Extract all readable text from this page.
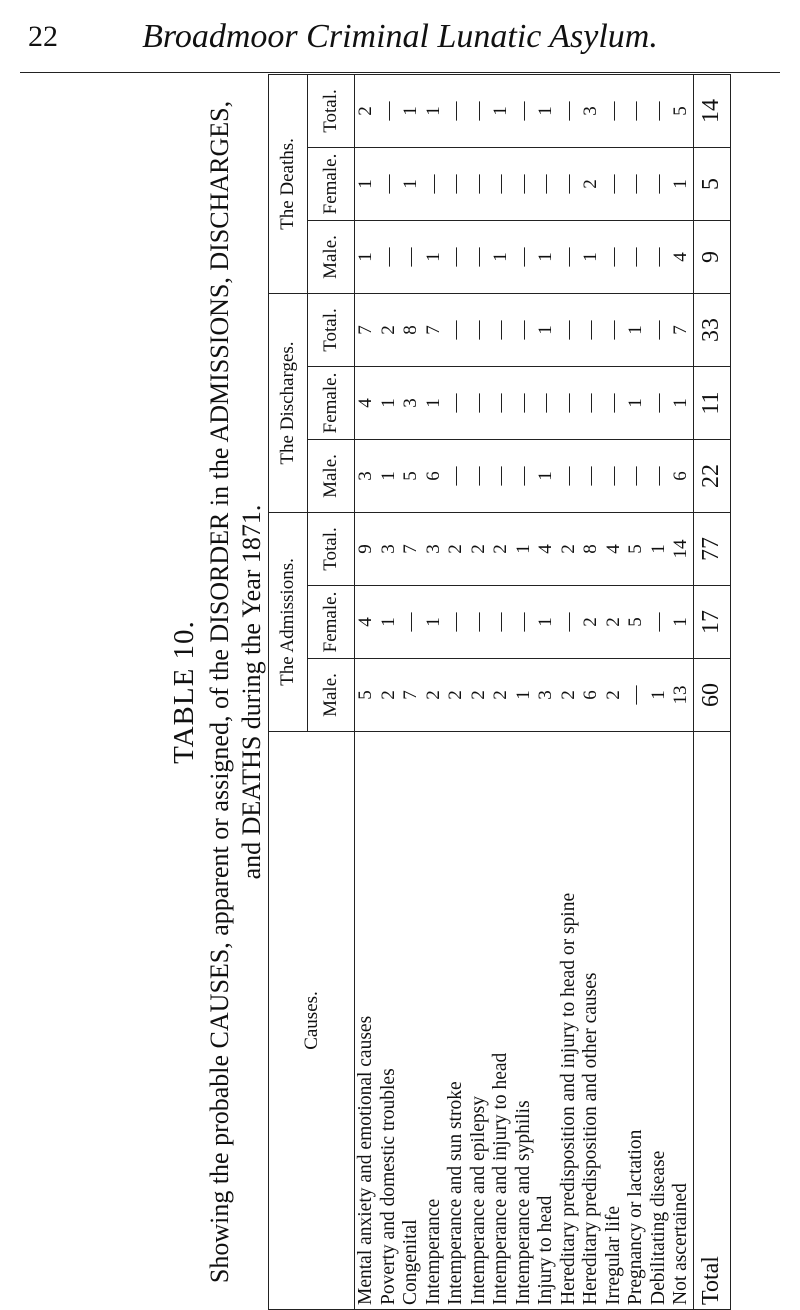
22	Broadmoor Criminal Lunatic Asylum.
TABLE 10. Showing the probable CAUSES, apparent or assigned, of the DISORDER in the ADMISSIONS, DISCHARGES, and DEATHS during the Year 1871.
Causes.	The Admissions.			The Discharges.			The Deaths.		
	Male.	Female.	Total.	Male.	Female.	Total.	Male.	Female.	Total.
Mental anxiety and emotional causes	5	4	9	3	4	7	1	1	2
Poverty and domestic troubles	2	1	3	1	1	2	—	—	—
Congenital	7	—	7	5	3	8	—	1	1
Intemperance	2	1	3	6	1	7	1	—	1
Intemperance and sun stroke	2	—	2	—	—	—	—	—	—
Intemperance and epilepsy	2	—	2	—	—	—	—	—	—
Intemperance and injury to head	2	—	2	—	—	—	1	—	1
Intemperance and syphilis	1	—	1	—	—	—	—	—	—
Injury to head	3	1	4	1	—	1	1	—	1
Hereditary predisposition and injury to head or spine	2	—	2	—	—	—	—	—	—
Hereditary predisposition and other causes	6	2	8	—	—	—	1	2	3
Irregular life	2	2	4	—	—	—	—	—	—
Pregnancy or lactation	—	5	5	—	1	1	—	—	—
Debilitating disease	1	—	1	—	—	—	—	—	—
Not ascertained	13	1	14	6	1	7	4	1	5
Total	60	17	77	22	11	33	9	5	14
